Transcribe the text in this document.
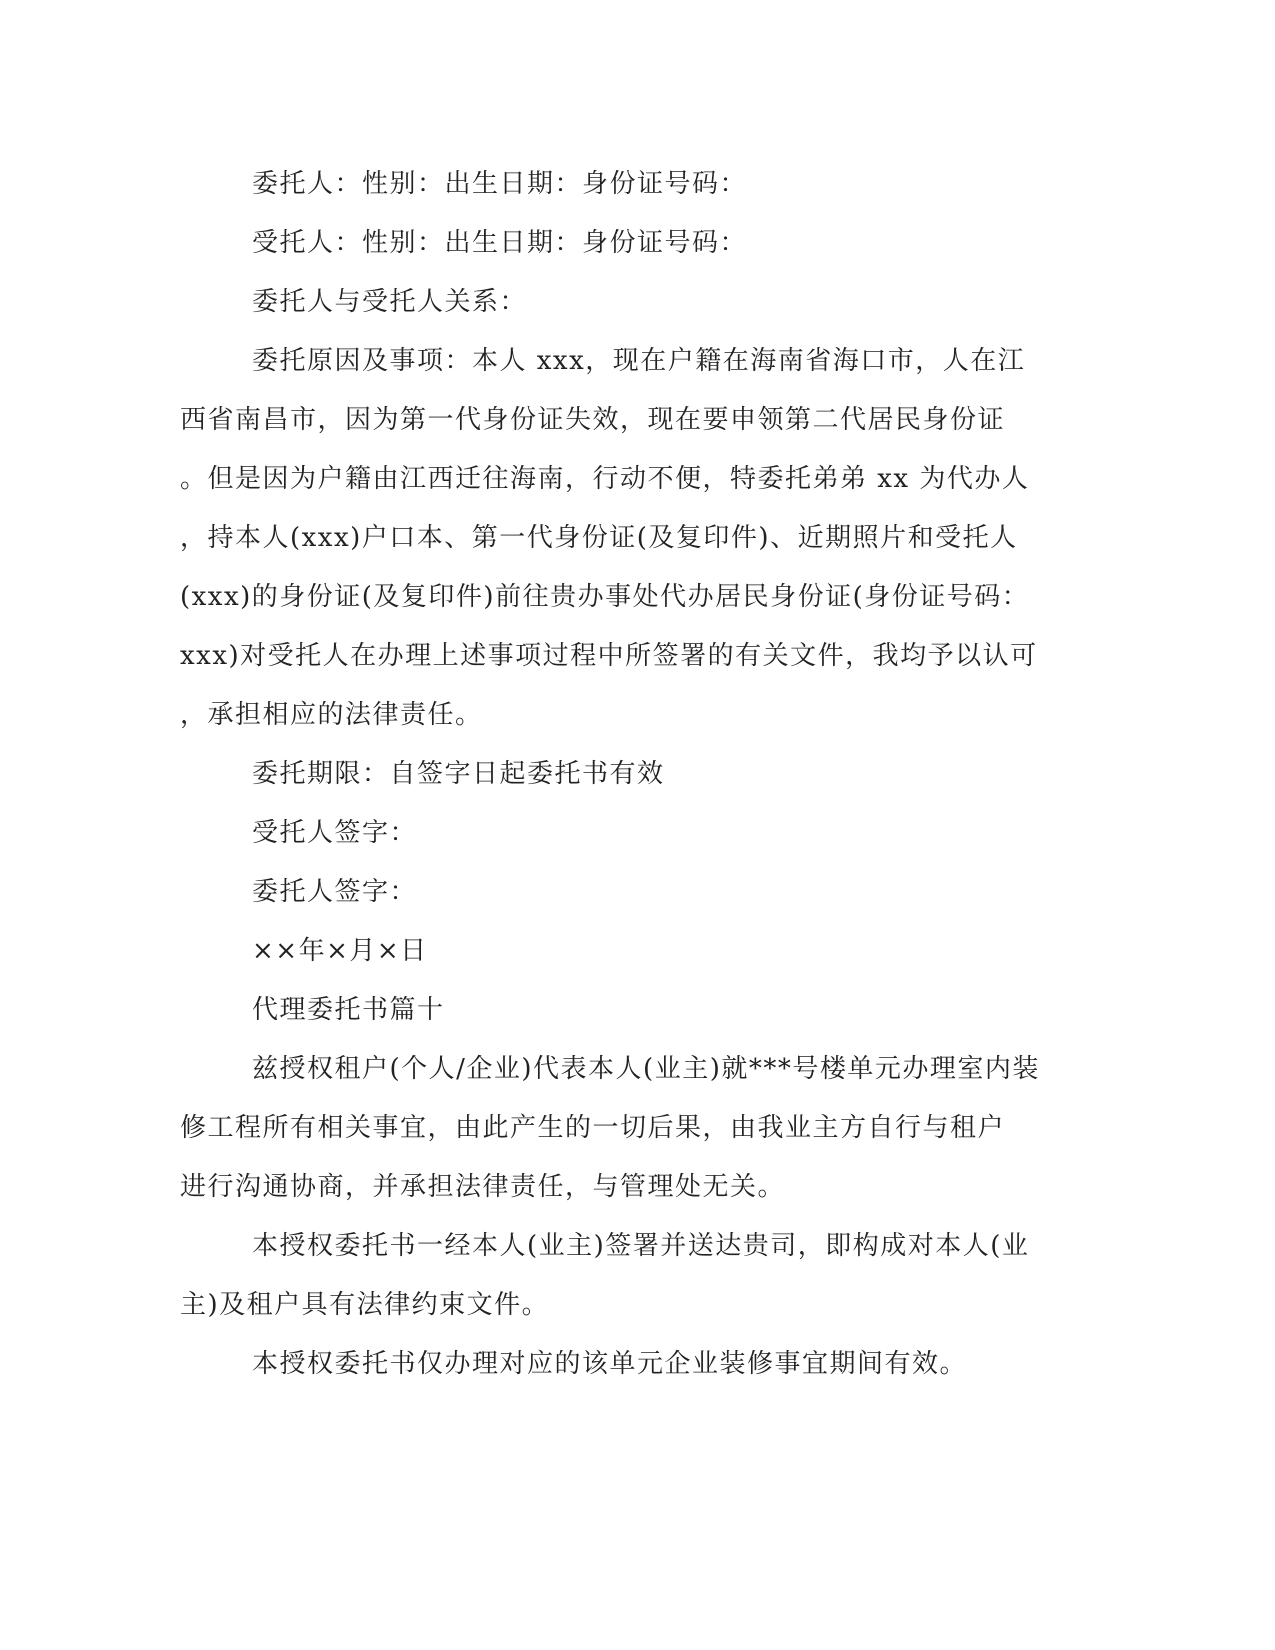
委托人：性别：出生日期：身份证号码：
受托人：性别：出生日期：身份证号码：
委托人与受托人关系：
委托原因及事项：本人 xxx，现在户籍在海南省海口市，人在江
西省南昌市，因为第一代身份证失效，现在要申领第二代居民身份证
。但是因为户籍由江西迁往海南，行动不便，特委托弟弟 xx 为代办人
，持本人(xxx)户口本、第一代身份证(及复印件)、近期照片和受托人
(xxx)的身份证(及复印件)前往贵办事处代办居民身份证(身份证号码：
xxx)对受托人在办理上述事项过程中所签署的有关文件，我均予以认可
，承担相应的法律责任。
委托期限：自签字日起委托书有效
受托人签字：
委托人签字：
××年×月×日
代理委托书篇十
兹授权租户(个人/企业)代表本人(业主)就***号楼单元办理室内装
修工程所有相关事宜，由此产生的一切后果，由我业主方自行与租户
进行沟通协商，并承担法律责任，与管理处无关。
本授权委托书一经本人(业主)签署并送达贵司，即构成对本人(业
主)及租户具有法律约束文件。
本授权委托书仅办理对应的该单元企业装修事宜期间有效。
